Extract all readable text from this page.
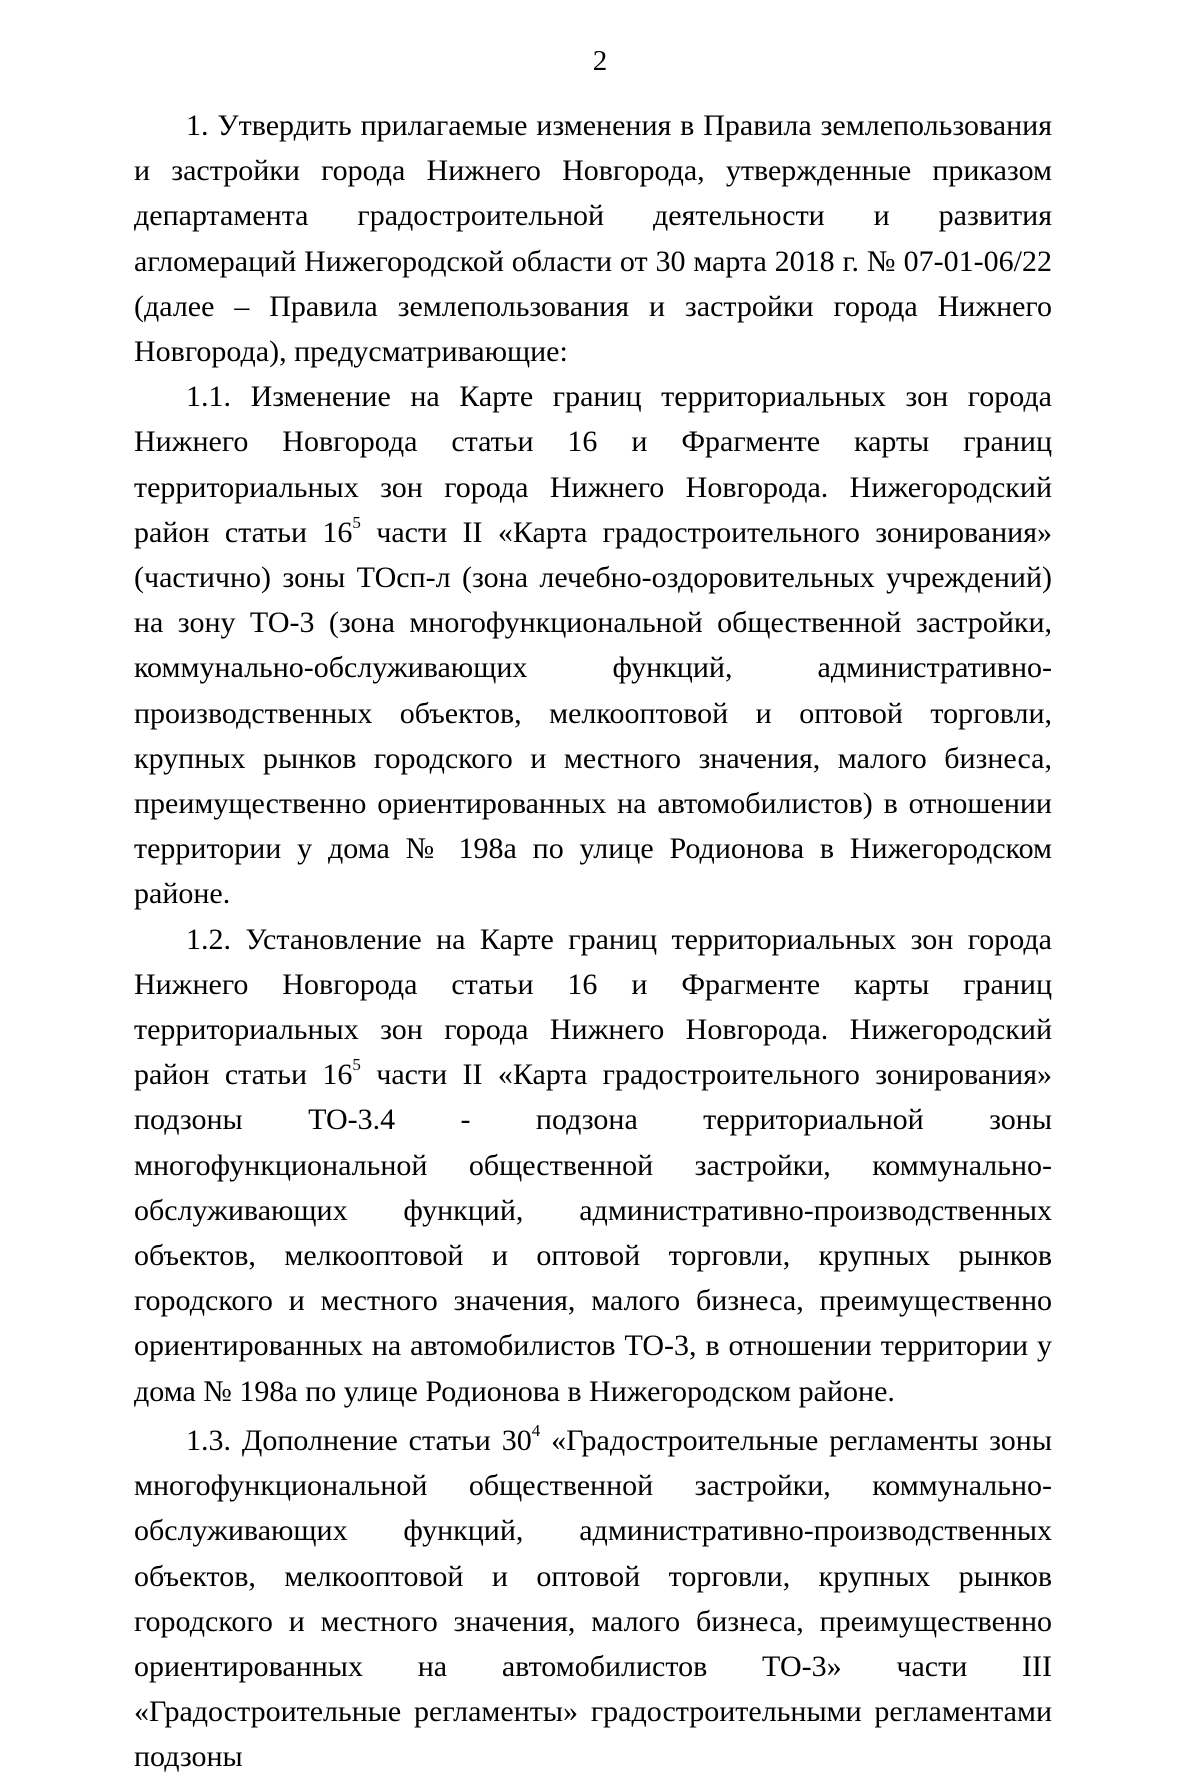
2

1. Утвердить прилагаемые изменения в Правила землепользования и застройки города Нижнего Новгорода, утвержденные приказом департамента градостроительной деятельности и развития агломераций Нижегородской области от 30 марта 2018 г. № 07-01-06/22 (далее – Правила землепользования и застройки города Нижнего Новгорода), предусматривающие:

1.1. Изменение на Карте границ территориальных зон города Нижнего Новгорода статьи 16 и Фрагменте карты границ территориальных зон города Нижнего Новгорода. Нижегородский район статьи $16^5$ части II «Карта градостроительного зонирования» (частично) зоны ТОсп-л (зона лечебно-оздоровительных учреждений) на зону ТО-3 (зона многофункциональной общественной застройки, коммунально-обслуживающих функций, административно-производственных объектов, мелкооптовой и оптовой торговли, крупных рынков городского и местного значения, малого бизнеса, преимущественно ориентированных на автомобилистов) в отношении территории у дома № 198а по улице Родионова в Нижегородском районе.

1.2. Установление на Карте границ территориальных зон города Нижнего Новгорода статьи 16 и Фрагменте карты границ территориальных зон города Нижнего Новгорода. Нижегородский район статьи $16^5$ части II «Карта градостроительного зонирования» подзоны ТО-3.4 - подзона территориальной зоны многофункциональной общественной застройки, коммунально-обслуживающих функций, административно-производственных объектов, мелкооптовой и оптовой торговли, крупных рынков городского и местного значения, малого бизнеса, преимущественно ориентированных на автомобилистов ТО-3, в отношении территории у дома № 198а по улице Родионова в Нижегородском районе.

1.3. Дополнение статьи $30^4$ «Градостроительные регламенты зоны многофункциональной общественной застройки, коммунально-обслуживающих функций, административно-производственных объектов, мелкооптовой и оптовой торговли, крупных рынков городского и местного значения, малого бизнеса, преимущественно ориентированных на автомобилистов ТО-3» части III «Градостроительные регламенты» градостроительными регламентами подзоны
